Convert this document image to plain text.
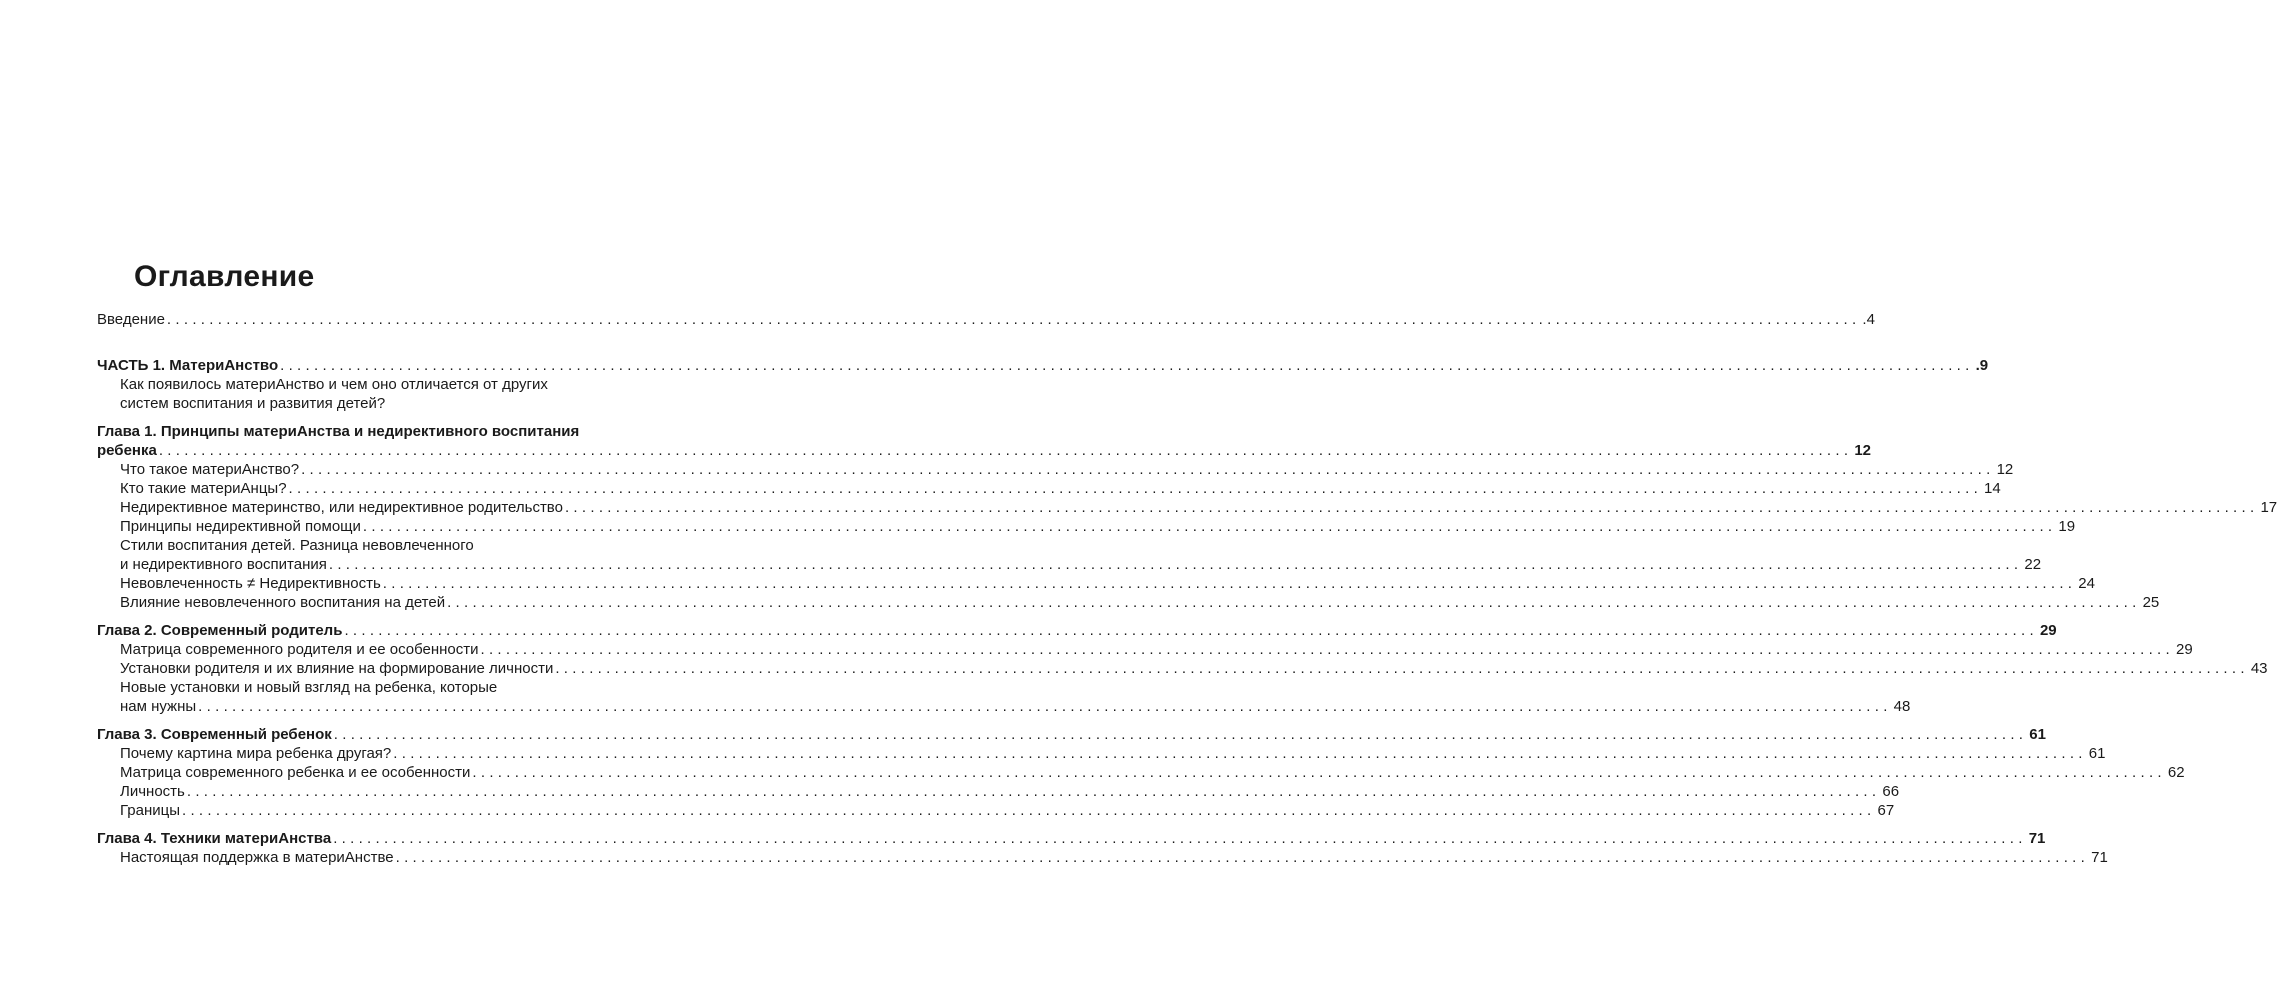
Оглавление
Введение ........................................................................................................................................................................................................ .4
ЧАСТЬ 1. МатериАнство ........................................................................................................................................................................................................ .9
Как появилось материАнство и чем оно отличается от других
систем воспитания и развития детей?
Глава 1. Принципы материАнства и недирективного воспитания
ребенка ........................................................................................................................................................................................................ 12
Что такое материАнство? ........................................................................................................................................................................................................ 12
Кто такие материАнцы? ........................................................................................................................................................................................................ 14
Недирективное материнство, или недирективное родительство ........................................................................................................................................................................................................ 17
Принципы недирективной помощи ........................................................................................................................................................................................................ 19
Стили воспитания детей. Разница невовлеченного
и недирективного воспитания ........................................................................................................................................................................................................ 22
Невовлеченность ≠ Недирективность ........................................................................................................................................................................................................ 24
Влияние невовлеченного воспитания на детей ........................................................................................................................................................................................................ 25
Глава 2. Современный родитель ........................................................................................................................................................................................................ 29
Матрица современного родителя и ее особенности ........................................................................................................................................................................................................ 29
Установки родителя и их влияние на формирование личности ........................................................................................................................................................................................................ 43
Новые установки и новый взгляд на ребенка, которые
нам нужны ........................................................................................................................................................................................................ 48
Глава 3. Современный ребенок ........................................................................................................................................................................................................ 61
Почему картина мира ребенка другая? ........................................................................................................................................................................................................ 61
Матрица современного ребенка и ее особенности ........................................................................................................................................................................................................ 62
Личность ........................................................................................................................................................................................................ 66
Границы ........................................................................................................................................................................................................ 67
Глава 4. Техники материАнства ........................................................................................................................................................................................................ 71
Настоящая поддержка в материАнстве ........................................................................................................................................................................................................ 71
